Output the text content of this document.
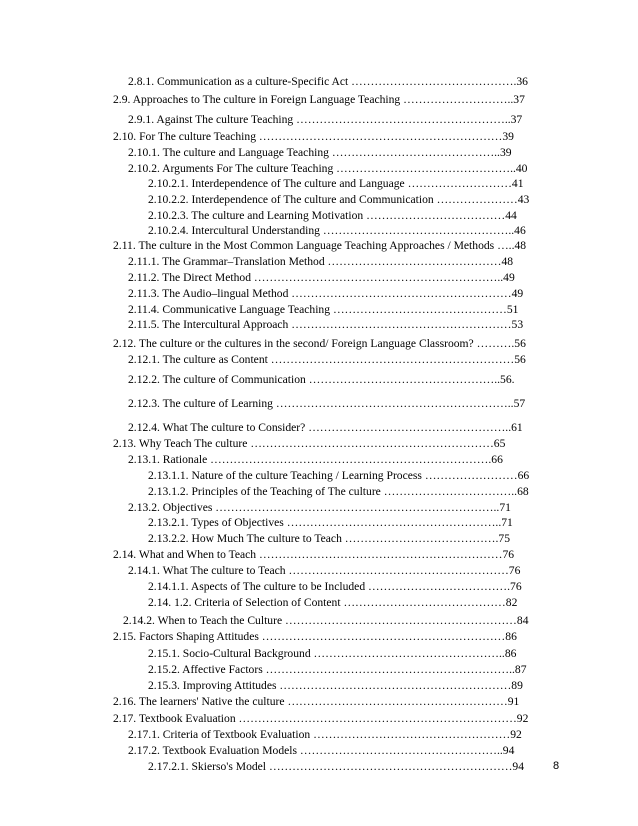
2.8.1. Communication as a culture-Specific Act …………………………………….36
2.9. Approaches to The culture in Foreign Language Teaching ………………………..37
2.9.1. Against The culture Teaching ………………………………………………..37
2.10. For The culture Teaching ………………………………………………………39
2.10.1. The culture and Language Teaching ……………………………………..39
2.10.2. Arguments For The culture Teaching ………………………………………..40
2.10.2.1. Interdependence of The culture and Language ………………………41
2.10.2.2. Interdependence of The culture and Communication …………………43
2.10.2.3. The culture and Learning Motivation ………………………………44
2.10.2.4. Intercultural Understanding …………………………………………..46
2.11. The culture in the Most Common Language Teaching Approaches / Methods …..48
2.11.1. The Grammar–Translation Method ………………………………………48
2.11.2. The Direct Method ………………………………………………………..49
2.11.3. The Audio–lingual Method …………………………………………………49
2.11.4. Communicative Language Teaching ………………………………………51
2.11.5. The Intercultural Approach …………………………………………………53
2.12. The culture or the cultures in the second/ Foreign Language Classroom? ……….56
2.12.1. The culture as Content ………………………………………………………56
2.12.2. The culture of Communication …………………………………………..56.
2.12.3. The culture of Learning ……………………………………………………..57
2.12.4. What The culture to Consider? ……………………………………………..61
2.13. Why Teach The culture ………………………………………………………65
2.13.1. Rationale ……………………………………………………………….66
2.13.1.1. Nature of the culture Teaching / Learning Process ……………………66
2.13.1.2. Principles of the Teaching of The culture ……………………………..68
2.13.2. Objectives ………………………………………………………………..71
2.13.2.1. Types of Objectives ………………………………………………..71
2.13.2.2. How Much The culture to Teach ………………………………….75
2.14. What and When to Teach ………………………………………………………76
2.14.1. What The culture to Teach …………………………………………………76
2.14.1.1. Aspects of The culture to be Included ……………………………….76
2.14. 1.2. Criteria of Selection of Content ……………………………………82
2.14.2. When to Teach the Culture ……………………………………………………84
2.15. Factors Shaping Attitudes ………………………………………………………86
2.15.1. Socio-Cultural Background …………………………………………..86
2.15.2. Affective Factors ………………………………………………………..87
2.15.3. Improving Attitudes ……………………………………………………89
2.16. The learners' Native the culture …………………………………………………91
2.17. Textbook Evaluation ………………………………………………………………92
2.17.1. Criteria of Textbook Evaluation ……………………………………………92
2.17.2. Textbook Evaluation Models ……………………………………………..94
2.17.2.1. Skierso's Model ………………………………………………………94	8
